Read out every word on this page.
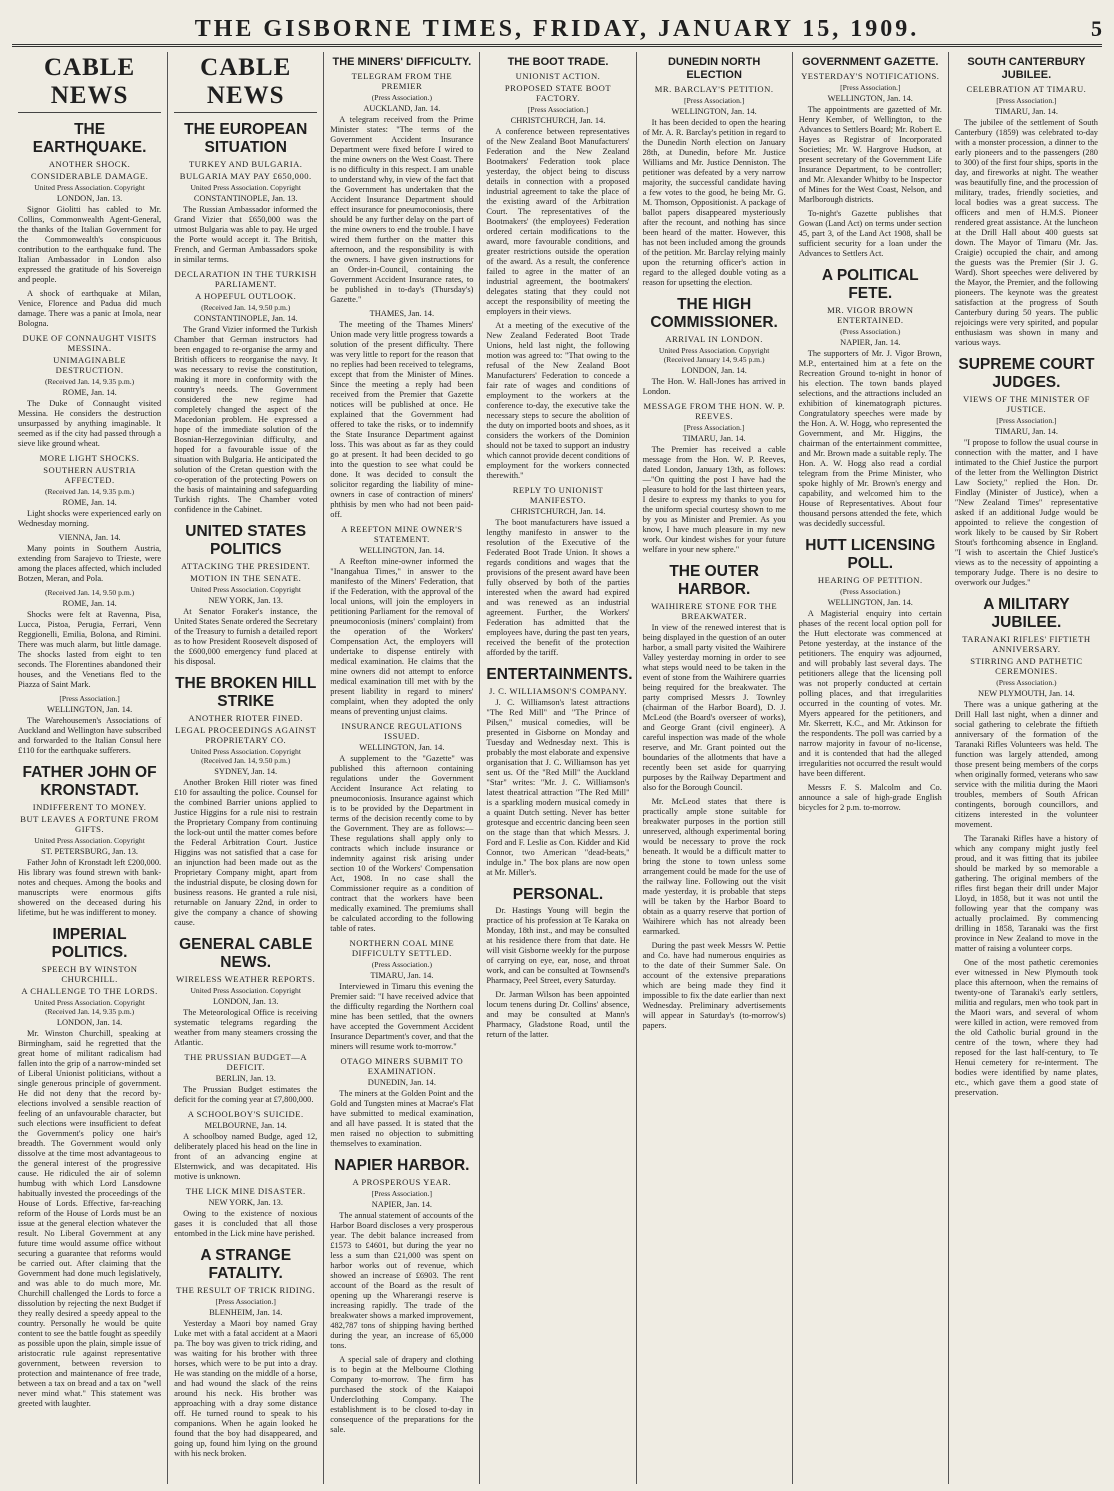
THE GISBORNE TIMES, FRIDAY, JANUARY 15, 1909.	5
CABLE NEWS
THE EARTHQUAKE.
ANOTHER SHOCK.
CONSIDERABLE DAMAGE.
United Press Association. Copyright
LONDON, Jan. 13.

Signor Giolitti has cabled to Mr. Collins, Commonwealth Agent-General, the thanks of the Italian Government for the Commonwealth's conspicuous contribution to the earthquake fund. The Italian Ambassador in London also expressed the gratitude of his Sovereign and people.

A shock of earthquake at Milan, Venice, Florence and Padua did much damage. There was a panic at Imola, near Bologna.

DUKE OF CONNAUGHT VISITS MESSINA.
UNIMAGINABLE DESTRUCTION.
(Received Jan. 14, 9.35 p.m.)
ROME, Jan. 14.

The Duke of Connaught visited Messina. He considers the destruction unsurpassed by anything imaginable. It seemed as if the city had passed through a sieve like ground wheat.

MORE LIGHT SHOCKS.
SOUTHERN AUSTRIA AFFECTED.
(Received Jan. 14, 9.35 p.m.)
ROME, Jan. 14.

Light shocks were experienced early on Wednesday morning.

VIENNA, Jan. 14.

Many points in Southern Austria, extending from Sarajevo to Trieste, were among the places affected, which included Botzen, Meran, and Pola.

(Received Jan. 14, 9.50 p.m.)
ROME, Jan. 14.

Shocks were felt at Ravenna, Pisa, Lucca, Pistoa, Perugia, Ferrari, Venn Reggionelli, Emilia, Bolona, and Rimini. There was much alarm, but little damage. The shocks lasted from eight to ten seconds. The Florentines abandoned their houses, and the Venetians fled to the Piazza of Saint Mark.

[Press Association.]
WELLINGTON, Jan. 14.

The Warehousemen's Associations of Auckland and Wellington have subscribed and forwarded to the Italian Consul here £110 for the earthquake sufferers.

FATHER JOHN OF KRONSTADT.
INDIFFERENT TO MONEY.
BUT LEAVES A FORTUNE FROM GIFTS.
United Press Association. Copyright
ST. PETERSBURG, Jan. 13.

Father John of Kronstadt left £200,000. His library was found strewn with bank-notes and cheques. Among the books and manuscripts were enormous gifts showered on the deceased during his lifetime, but he was indifferent to money.

IMPERIAL POLITICS.
SPEECH BY WINSTON CHURCHILL.
A CHALLENGE TO THE LORDS.
United Press Association. Copyright (Received Jan. 14, 9.35 p.m.)
LONDON, Jan. 14.

Mr. Winston Churchill, speaking at Birmingham, said he regretted that the great home of militant radicalism had fallen into the grip of a narrow-minded set of Liberal Unionist politicians, without a single generous principle of government. He did not deny that the record by-elections involved a sensible reaction of feeling of an unfavourable character, but such elections were insufficient to defeat the Government's policy one hair's breadth. The Government would only dissolve at the time most advantageous to the general interest of the progressive cause. He ridiculed the air of solemn humbug with which Lord Lansdowne habitually invested the proceedings of the House of Lords. Effective, far-reaching reform of the House of Lords must be an issue at the general election whatever the result. No Liberal Government at any future time would assume office without securing a guarantee that reforms would be carried out. After claiming that the Government had done much legislatively, and was able to do much more, Mr. Churchill challenged the Lords to force a dissolution by rejecting the next Budget if they really desired a speedy appeal to the country. Personally he would be quite content to see the battle fought as speedily as possible upon the plain, simple issue of aristocratic rule against representative government, between reversion to protection and maintenance of free trade, between a tax on bread and a tax on "well never mind what." This statement was greeted with laughter.

CABLE NEWS
THE EUROPEAN SITUATION
TURKEY AND BULGARIA.
BULGARIA MAY PAY £650,000.
United Press Association. Copyright
CONSTANTINOPLE, Jan. 13.

The Russian Ambassador informed the Grand Vizier that £650,000 was the utmost Bulgaria was able to pay. He urged the Porte would accept it. The British, French, and German Ambassadors spoke in similar terms.

DECLARATION IN THE TURKISH PARLIAMENT.
A HOPEFUL OUTLOOK.
(Received Jan. 14, 9.50 p.m.)
CONSTANTINOPLE, Jan. 14.

The Grand Vizier informed the Turkish Chamber that German instructors had been engaged to re-organise the army and British officers to reorganise the navy. It was necessary to revise the constitution, making it more in conformity with the country's needs. The Government considered the new regime had completely changed the aspect of the Macedonian problem. He expressed a hope of the immediate solution of the Bosnian-Herzegovinian difficulty, and hoped for a favourable issue of the situation with Bulgaria. He anticipated the solution of the Cretan question with the co-operation of the protecting Powers on the basis of maintaining and safeguarding Turkish rights. The Chamber voted confidence in the Cabinet.

UNITED STATES POLITICS
ATTACKING THE PRESIDENT.
MOTION IN THE SENATE.
United Press Association. Copyright
NEW YORK, Jan. 13.

At Senator Foraker's instance, the United States Senate ordered the Secretary of the Treasury to furnish a detailed report as to how President Roosevelt disposed of the £600,000 emergency fund placed at his disposal.

THE BROKEN HILL STRIKE
ANOTHER RIOTER FINED.
LEGAL PROCEEDINGS AGAINST PROPRIETARY CO.
United Press Association. Copyright (Received Jan. 14, 9.50 p.m.)
SYDNEY, Jan. 14.

Another Broken Hill rioter was fined £10 for assaulting the police. Counsel for the combined Barrier unions applied to Justice Higgins for a rule nisi to restrain the Proprietary Company from continuing the lock-out until the matter comes before the Federal Arbitration Court. Justice Higgins was not satisfied that a case for an injunction had been made out as the Proprietary Company might, apart from the industrial dispute, be closing down for business reasons. He granted a rule nisi, returnable on January 22nd, in order to give the company a chance of showing cause.

GENERAL CABLE NEWS.
WIRELESS WEATHER REPORTS.
United Press Association. Copyright
LONDON, Jan. 13.

The Meteorological Office is receiving systematic telegrams regarding the weather from many steamers crossing the Atlantic.

THE PRUSSIAN BUDGET—A DEFICIT.
BERLIN, Jan. 13.

The Prussian Budget estimates the deficit for the coming year at £7,800,000.

A SCHOOLBOY'S SUICIDE.
MELBOURNE, Jan. 14.

A schoolboy named Budge, aged 12, deliberately placed his head on the line in front of an advancing engine at Elsternwick, and was decapitated. His motive is unknown.

THE LICK MINE DISASTER.
NEW YORK, Jan. 13.

Owing to the existence of noxious gases it is concluded that all those entombed in the Lick mine have perished.

A STRANGE FATALITY.
THE RESULT OF TRICK RIDING.
[Press Association.]
BLENHEIM, Jan. 14.

Yesterday a Maori boy named Gray Luke met with a fatal accident at a Maori pa. The boy was given to trick riding, and was waiting for his brother with three horses, which were to be put into a dray. He was standing on the middle of a horse, and had wound the slack of the reins around his neck. His brother was approaching with a dray some distance off. He turned round to speak to his companions. When he again looked he found that the boy had disappeared, and going up, found him lying on the ground with his neck broken.

THE MINERS' DIFFICULTY.
TELEGRAM FROM THE PREMIER
(Press Association.)
AUCKLAND, Jan. 14.

A telegram received from the Prime Minister states: "The terms of the Government Accident Insurance Department were fixed before I wired to the mine owners on the West Coast. There is no difficulty in this respect. I am unable to understand why, in view of the fact that the Government has undertaken that the Accident Insurance Department should effect insurance for pneumoconiosis, there should be any further delay on the part of the mine owners to end the trouble. I have wired them further on the matter this afternoon, and the responsibility is with the owners. I have given instructions for an Order-in-Council, containing the Government Accident Insurance rates, to be published in to-day's (Thursday's) Gazette."

THAMES, Jan. 14.

The meeting of the Thames Miners' Union made very little progress towards a solution of the present difficulty. There was very little to report for the reason that no replies had been received to telegrams, except that from the Minister of Mines. Since the meeting a reply had been received from the Premier that Gazette notices will be published at once. He explained that the Government had offered to take the risks, or to indemnify the State Insurance Department against loss. This was about as far as they could go at present. It had been decided to go into the question to see what could be done. It was decided to consult the solicitor regarding the liability of mine-owners in case of contraction of miners' phthisis by men who had not been paid-off.

A REEFTON MINE OWNER'S STATEMENT.
WELLINGTON, Jan. 14.

A Reefton mine-owner informed the "Inangahua Times," in answer to the manifesto of the Miners' Federation, that if the Federation, with the approval of the local unions, will join the employers in petitioning Parliament for the removal of pneumoconiosis (miners' complaint) from the operation of the Workers' Compensation Act, the employers will undertake to dispense entirely with medical examination. He claims that the mine owners did not attempt to enforce medical examination till met with by the present liability in regard to miners' complaint, when they adopted the only means of preventing unjust claims.

INSURANCE REGULATIONS ISSUED.
WELLINGTON, Jan. 14.

A supplement to the "Gazette" was published this afternoon containing regulations under the Government Accident Insurance Act relating to pneumoconiosis. Insurance against which is to be provided by the Department in terms of the decision recently come to by the Government. They are as follows:—These regulations shall apply only to contracts which include insurance or indemnity against risk arising under section 10 of the Workers' Compensation Act, 1908. In no case shall the Commissioner require as a condition of contract that the workers have been medically examined. The premiums shall be calculated according to the following table of rates.

NORTHERN COAL MINE DIFFICULTY SETTLED.
(Press Association.)
TIMARU, Jan. 14.

Interviewed in Timaru this evening the Premier said: "I have received advice that the difficulty regarding the Northern coal mine has been settled, that the owners have accepted the Government Accident Insurance Department's cover, and that the miners will resume work to-morrow."

OTAGO MINERS SUBMIT TO EXAMINATION.
DUNEDIN, Jan. 14.

The miners at the Golden Point and the Gold and Tungsten mines at Macrae's Flat have submitted to medical examination, and all have passed. It is stated that the men raised no objection to submitting themselves to examination.

NAPIER HARBOR.
A PROSPEROUS YEAR.
[Press Association.]
NAPIER, Jan. 14.

The annual statement of accounts of the Harbor Board discloses a very prosperous year. The debit balance increased from £1573 to £4601, but during the year no less a sum than £21,000 was spent on harbor works out of revenue, which showed an increase of £6903. The rent account of the Board as the result of opening up the Wharerangi reserve is increasing rapidly. The trade of the breakwater shows a marked improvement, 482,787 tons of shipping having berthed during the year, an increase of 65,000 tons.

A special sale of drapery and clothing is to begin at the Melbourne Clothing Company to-morrow. The firm has purchased the stock of the Kaiapoi Underclothing Company. The establishment is to be closed to-day in consequence of the preparations for the sale.

THE BOOT TRADE.
UNIONIST ACTION.
PROPOSED STATE BOOT FACTORY.
[Press Association.]
CHRISTCHURCH, Jan. 14.

A conference between representatives of the New Zealand Boot Manufacturers' Federation and the New Zealand Bootmakers' Federation took place yesterday, the object being to discuss details in connection with a proposed industrial agreement to take the place of the existing award of the Arbitration Court. The representatives of the Bootmakers' (the employees) Federation ordered certain modifications to the award, more favourable conditions, and greater restrictions outside the operation of the award. As a result, the conference failed to agree in the matter of an industrial agreement, the bootmakers' delegates stating that they could not accept the responsibility of meeting the employers in their views.

At a meeting of the executive of the New Zealand Federated Boot Trade Unions, held last night, the following motion was agreed to: "That owing to the refusal of the New Zealand Boot Manufacturers' Federation to concede a fair rate of wages and conditions of employment to the workers at the conference to-day, the executive take the necessary steps to secure the abolition of the duty on imported boots and shoes, as it considers the workers of the Dominion should not be taxed to support an industry which cannot provide decent conditions of employment for the workers connected therewith."

REPLY TO UNIONIST MANIFESTO.
CHRISTCHURCH, Jan. 14.

The boot manufacturers have issued a lengthy manifesto in answer to the resolution of the Executive of the Federated Boot Trade Union. It shows a regards conditions and wages that the provisions of the present award have been fully observed by both of the parties interested when the award had expired and was renewed as an industrial agreement. Further, the Workers' Federation has admitted that the employees have, during the past ten years, received the benefit of the protection afforded by the tariff.

ENTERTAINMENTS.
J. C. WILLIAMSON'S COMPANY.

J. C. Williamson's latest attractions "The Red Mill" and "The Prince of Pilsen," musical comedies, will be presented in Gisborne on Monday and Tuesday and Wednesday next. This is probably the most elaborate and expensive organisation that J. C. Williamson has yet sent us. Of the "Red Mill" the Auckland "Star" writes: "Mr. J. C. Williamson's latest theatrical attraction "The Red Mill" is a sparkling modern musical comedy in a quaint Dutch setting. Never has better grotesque and eccentric dancing been seen on the stage than that which Messrs. J. Ford and F. Leslie as Con. Kidder and Kid Connor, two American "dead-beats," indulge in." The box plans are now open at Mr. Miller's.

PERSONAL.

Dr. Hastings Young will begin the practice of his profession at Te Karaka on Monday, 18th inst., and may be consulted at his residence there from that date. He will visit Gisborne weekly for the purpose of carrying on eye, ear, nose, and throat work, and can be consulted at Townsend's Pharmacy, Peel Street, every Saturday.

Dr. Jarman Wilson has been appointed locum tenens during Dr. Collins' absence, and may be consulted at Mann's Pharmacy, Gladstone Road, until the return of the latter.

DUNEDIN NORTH ELECTION
MR. BARCLAY'S PETITION.
[Press Association.]
WELLINGTON, Jan. 14.

It has been decided to open the hearing of Mr. A. R. Barclay's petition in regard to the Dunedin North election on January 28th, at Dunedin, before Mr. Justice Williams and Mr. Justice Denniston. The petitioner was defeated by a very narrow majority, the successful candidate having a few votes to the good, he being Mr. G. M. Thomson, Oppositionist. A package of ballot papers disappeared mysteriously after the recount, and nothing has since been heard of the matter. However, this has not been included among the grounds of the petition. Mr. Barclay relying mainly upon the returning officer's action in regard to the alleged double voting as a reason for upsetting the election.

THE HIGH COMMISSIONER.
ARRIVAL IN LONDON.
United Press Association. Copyright (Received January 14, 9.45 p.m.)
LONDON, Jan. 14.

The Hon. W. Hall-Jones has arrived in London.

MESSAGE FROM THE HON. W. P. REEVES.
[Press Association.]
TIMARU, Jan. 14.

The Premier has received a cable message from the Hon. W. P. Reeves, dated London, January 13th, as follows:—"On quitting the post I have had the pleasure to hold for the last thirteen years, I desire to express my thanks to you for the uniform special courtesy shown to me by you as Minister and Premier. As you know, I have much pleasure in my new work. Our kindest wishes for your future welfare in your new sphere."

THE OUTER HARBOR.
WAIHIRERE STONE FOR THE BREAKWATER.

In view of the renewed interest that is being displayed in the question of an outer harbor, a small party visited the Waihirere Valley yesterday morning in order to see what steps would need to be taken in the event of stone from the Waihirere quarries being required for the breakwater. The party comprised Messrs J. Townley (chairman of the Harbor Board), D. J. McLeod (the Board's overseer of works), and George Grant (civil engineer). A careful inspection was made of the whole reserve, and Mr. Grant pointed out the boundaries of the allotments that have a recently been set aside for quarrying purposes by the Railway Department and also for the Borough Council.

Mr. McLeod states that there is practically ample stone suitable for breakwater purposes in the portion still unreserved, although experimental boring would be necessary to prove the rock beneath. It would be a difficult matter to bring the stone to town unless some arrangement could be made for the use of the railway line. Following out the visit made yesterday, it is probable that steps will be taken by the Harbor Board to obtain as a quarry reserve that portion of Waihirere which has not already been earmarked.

During the past week Messrs W. Pettie and Co. have had numerous enquiries as to the date of their Summer Sale. On account of the extensive preparations which are being made they find it impossible to fix the date earlier than next Wednesday. Preliminary advertisements will appear in Saturday's (to-morrow's) papers.

GOVERNMENT GAZETTE.
YESTERDAY'S NOTIFICATIONS.
[Press Association.]
WELLINGTON, Jan. 14.

The appointments are gazetted of Mr. Henry Kember, of Wellington, to the Advances to Settlers Board; Mr. Robert E. Hayes as Registrar of Incorporated Societies; Mr. W. Hargrove Hudson, at present secretary of the Government Life Insurance Department, to be controller; and Mr. Alexander Whitby to be Inspector of Mines for the West Coast, Nelson, and Marlborough districts.

To-night's Gazette publishes that Gowan (Land Act) on terms under section 45, part 3, of the Land Act 1908, shall be sufficient security for a loan under the Advances to Settlers Act.

A POLITICAL FETE.
MR. VIGOR BROWN ENTERTAINED.
(Press Association.)
NAPIER, Jan. 14.

The supporters of Mr. J. Vigor Brown, M.P., entertained him at a fete on the Recreation Ground to-night in honor of his election. The town bands played selections, and the attractions included an exhibition of kinematograph pictures. Congratulatory speeches were made by the Hon. A. W. Hogg, who represented the Government, and Mr. Higgins, the chairman of the entertainment committee, and Mr. Brown made a suitable reply. The Hon. A. W. Hogg also read a cordial telegram from the Prime Minister, who spoke highly of Mr. Brown's energy and capability, and welcomed him to the House of Representatives. About four thousand persons attended the fete, which was decidedly successful.

HUTT LICENSING POLL.
HEARING OF PETITION.
(Press Association.)
WELLINGTON, Jan. 14.

A Magisterial enquiry into certain phases of the recent local option poll for the Hutt electorate was commenced at Petone yesterday, at the instance of the petitioners. The enquiry was adjourned, and will probably last several days. The petitioners allege that the licensing poll was not properly conducted at certain polling places, and that irregularities occurred in the counting of votes. Mr. Myers appeared for the petitioners, and Mr. Skerrett, K.C., and Mr. Atkinson for the respondents. The poll was carried by a narrow majority in favour of no-license, and it is contended that had the alleged irregularities not occurred the result would have been different.

Messrs F. S. Malcolm and Co. announce a sale of high-grade English bicycles for 2 p.m. to-morrow.

SOUTH CANTERBURY JUBILEE.
CELEBRATION AT TIMARU.
[Press Association.]
TIMARU, Jan. 14.

The jubilee of the settlement of South Canterbury (1859) was celebrated to-day with a monster procession, a dinner to the early pioneers and to the passengers (280 to 300) of the first four ships, sports in the day, and fireworks at night. The weather was beautifully fine, and the procession of military, trades, friendly societies, and local bodies was a great success. The officers and men of H.M.S. Pioneer rendered great assistance. At the luncheon at the Drill Hall about 400 guests sat down. The Mayor of Timaru (Mr. Jas. Craigie) occupied the chair, and among the guests was the Premier (Sir J. G. Ward). Short speeches were delivered by the Mayor, the Premier, and the following pioneers. The keynote was the greatest satisfaction at the progress of South Canterbury during 50 years. The public rejoicings were very spirited, and popular enthusiasm was shown in many and various ways.

SUPREME COURT JUDGES.
VIEWS OF THE MINISTER OF JUSTICE.
[Press Association.]
TIMARU, Jan. 14.

"I propose to follow the usual course in connection with the matter, and I have intimated to the Chief Justice the purport of the letter from the Wellington District Law Society," replied the Hon. Dr. Findlay (Minister of Justice), when a "New Zealand Times" representative asked if an additional Judge would be appointed to relieve the congestion of work likely to be caused by Sir Robert Stout's forthcoming absence in England. "I wish to ascertain the Chief Justice's views as to the necessity of appointing a temporary Judge. There is no desire to overwork our Judges."

A MILITARY JUBILEE.
TARANAKI RIFLES' FIFTIETH ANNIVERSARY.
STIRRING AND PATHETIC CEREMONIES.
(Press Association.)
NEW PLYMOUTH, Jan. 14.

There was a unique gathering at the Drill Hall last night, when a dinner and social gathering to celebrate the fiftieth anniversary of the formation of the Taranaki Rifles Volunteers was held. The function was largely attended, among those present being members of the corps when originally formed, veterans who saw service with the militia during the Maori troubles, members of South African contingents, borough councillors, and citizens interested in the volunteer movement.

The Taranaki Rifles have a history of which any company might justly feel proud, and it was fitting that its jubilee should be marked by so memorable a gathering. The original members of the rifles first began their drill under Major Lloyd, in 1858, but it was not until the following year that the company was actually proclaimed. By commencing drilling in 1858, Taranaki was the first province in New Zealand to move in the matter of raising a volunteer corps.

One of the most pathetic ceremonies ever witnessed in New Plymouth took place this afternoon, when the remains of twenty-one of Taranaki's early settlers, militia and regulars, men who took part in the Maori wars, and several of whom were killed in action, were removed from the old Catholic burial ground in the centre of the town, where they had reposed for the last half-century, to Te Henui cemetery for re-interment. The bodies were identified by name plates, etc., which gave them a good state of preservation.
